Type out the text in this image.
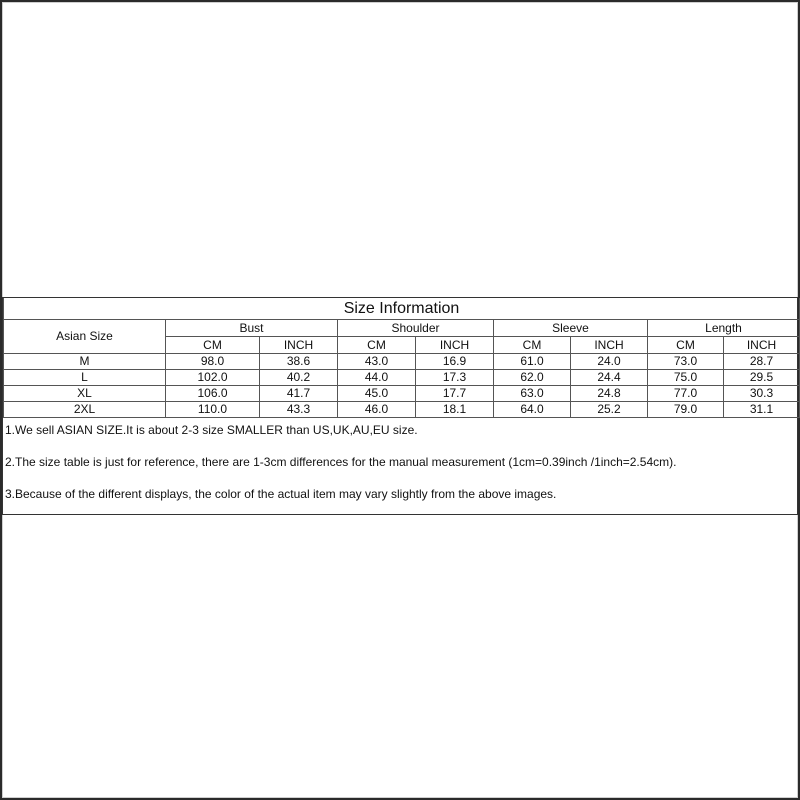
Size Information								
Asian Size	Bust		Shoulder		Sleeve		Length	
	CM	INCH	CM	INCH	CM	INCH	CM	INCH
M	98.0	38.6	43.0	16.9	61.0	24.0	73.0	28.7
L	102.0	40.2	44.0	17.3	62.0	24.4	75.0	29.5
XL	106.0	41.7	45.0	17.7	63.0	24.8	77.0	30.3
2XL	110.0	43.3	46.0	18.1	64.0	25.2	79.0	31.1
1.We sell ASIAN SIZE.It is about 2-3 size SMALLER than US,UK,AU,EU size.
2.The size table is just for reference, there are 1-3cm differences for the manual measurement (1cm=0.39inch /1inch=2.54cm).
3.Because of the different displays, the color of the actual item may vary slightly from the above images.
